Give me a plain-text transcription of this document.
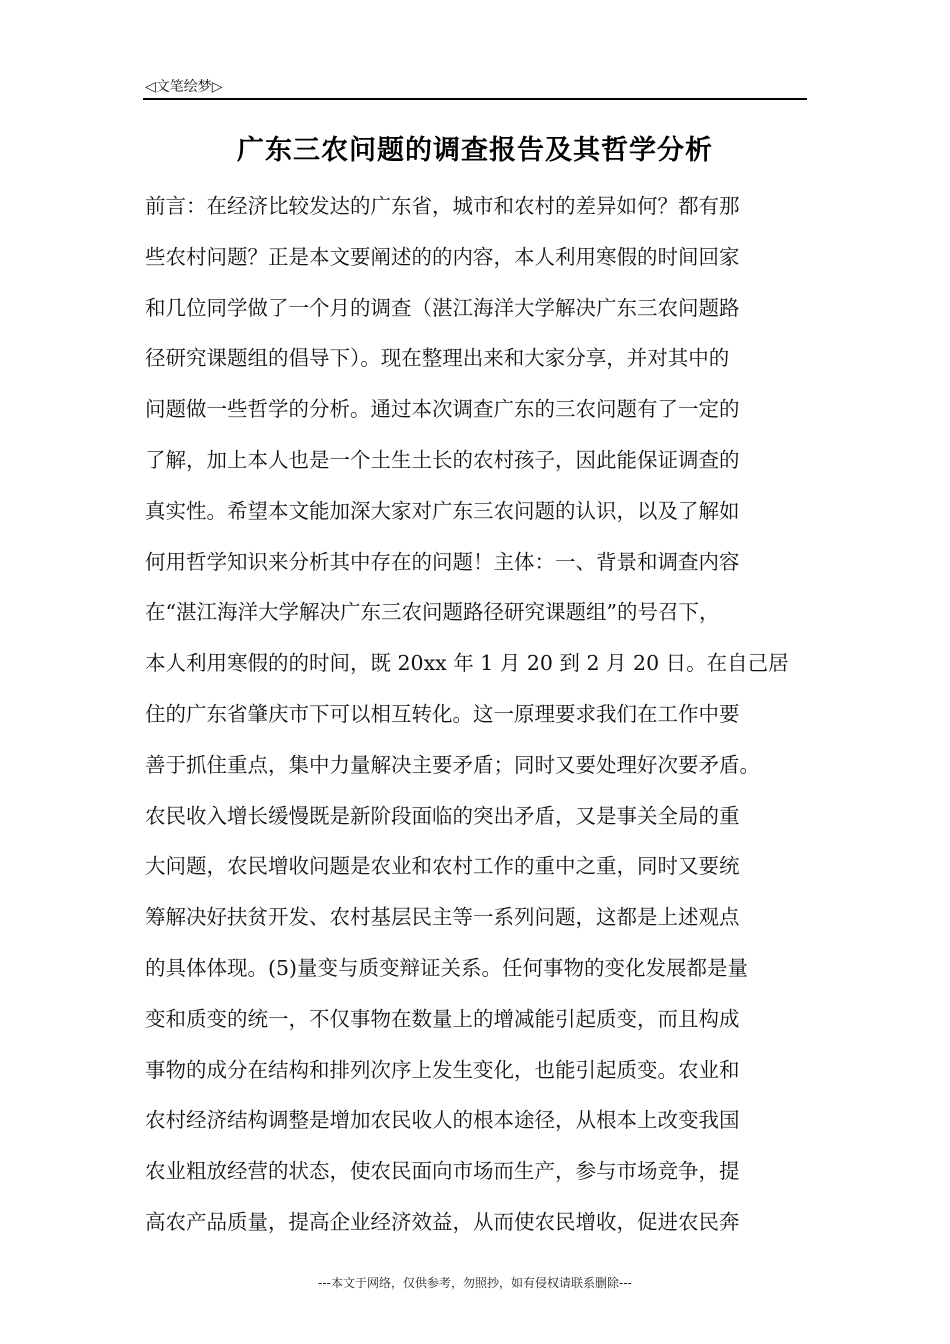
◁文笔绘梦▷
广东三农问题的调查报告及其哲学分析
前言：在经济比较发达的广东省，城市和农村的差异如何？都有那
些农村问题？正是本文要阐述的的内容，本人利用寒假的时间回家
和几位同学做了一个月的调查（湛江海洋大学解决广东三农问题路
径研究课题组的倡导下）。现在整理出来和大家分享，并对其中的
问题做一些哲学的分析。通过本次调查广东的三农问题有了一定的
了解，加上本人也是一个土生土长的农村孩子，因此能保证调查的
真实性。希望本文能加深大家对广东三农问题的认识，以及了解如
何用哲学知识来分析其中存在的问题！主体：一、背景和调查内容
在“湛江海洋大学解决广东三农问题路径研究课题组”的号召下，
本人利用寒假的的时间，既 20xx 年 1 月 20 到 2 月 20 日。在自己居
住的广东省肇庆市下可以相互转化。这一原理要求我们在工作中要
善于抓住重点，集中力量解决主要矛盾；同时又要处理好次要矛盾。
农民收入增长缓慢既是新阶段面临的突出矛盾，又是事关全局的重
大问题，农民增收问题是农业和农村工作的重中之重，同时又要统
筹解决好扶贫开发、农村基层民主等一系列问题，这都是上述观点
的具体体现。(5)量变与质变辩证关系。任何事物的变化发展都是量
变和质变的统一，不仅事物在数量上的增减能引起质变，而且构成
事物的成分在结构和排列次序上发生变化，也能引起质变。农业和
农村经济结构调整是增加农民收人的根本途径，从根本上改变我国
农业粗放经营的状态，使农民面向市场而生产，参与市场竞争，提
高农产品质量，提高企业经济效益，从而使农民增收，促进农民奔
---本文于网络，仅供参考，勿照抄，如有侵权请联系删除---
